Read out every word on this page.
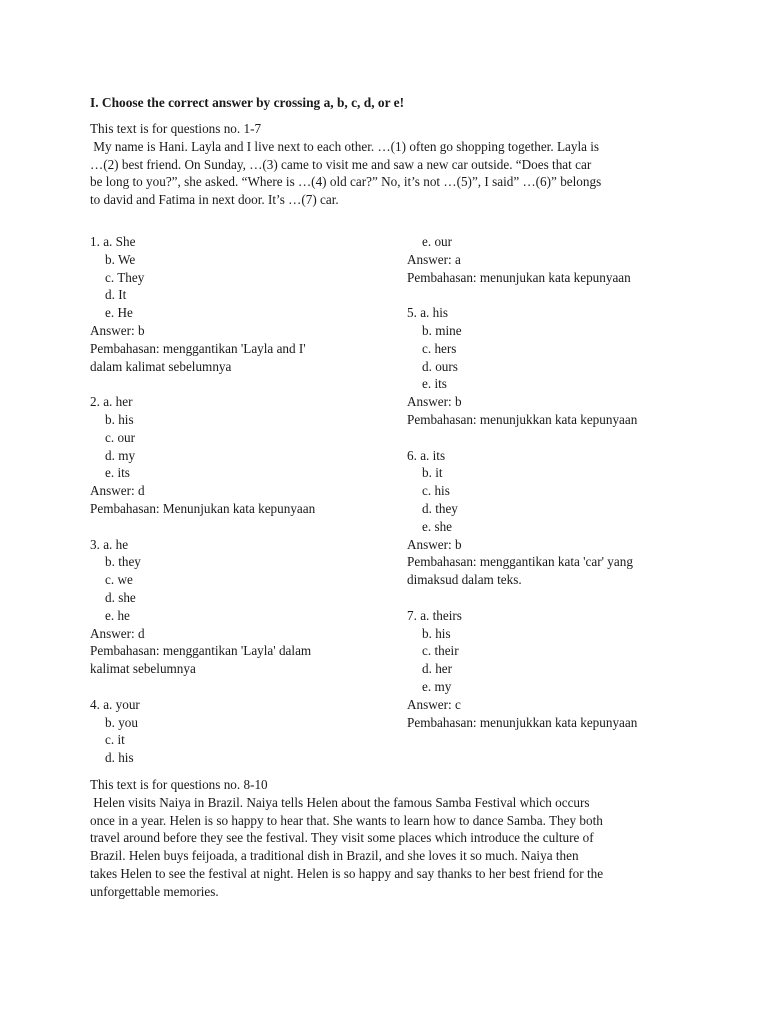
I. Choose the correct answer by crossing a, b, c, d, or e!

This text is for questions no. 1-7

My name is Hani. Layla and I live next to each other. …(1) often go shopping together. Layla is

…(2) best friend. On Sunday, …(3) came to visit me and saw a new car outside. “Does that car

be long to you?”, she asked. “Where is …(4) old car?” No, it’s not …(5)”, I said” …(6)” belongs

to david and Fatima in next door. It’s …(7) car.

1. a. She
b. We
c. They
d. It
e. He
Answer: b
Pembahasan: menggantikan 'Layla and I'
dalam kalimat sebelumnya
2. a. her
b. his
c. our
d. my
e. its
Answer: d
Pembahasan: Menunjukan kata kepunyaan
3. a. he
b. they
c. we
d. she
e. he
Answer: d
Pembahasan: menggantikan 'Layla' dalam
kalimat sebelumnya
4. a. your
b. you
c. it
d. his
e. our
Answer: a
Pembahasan: menunjukan kata kepunyaan
5. a. his
b. mine
c. hers
d. ours
e. its
Answer: b
Pembahasan: menunjukkan kata kepunyaan
6. a. its
b. it
c. his
d. they
e. she
Answer: b
Pembahasan: menggantikan kata 'car' yang
dimaksud dalam teks.
7. a. theirs
b. his
c. their
d. her
e. my
Answer: c
Pembahasan: menunjukkan kata kepunyaan

This text is for questions no. 8-10

Helen visits Naiya in Brazil. Naiya tells Helen about the famous Samba Festival which occurs

once in a year. Helen is so happy to hear that. She wants to learn how to dance Samba. They both

travel around before they see the festival. They visit some places which introduce the culture of

Brazil. Helen buys feijoada, a traditional dish in Brazil, and she loves it so much. Naiya then

takes Helen to see the festival at night. Helen is so happy and say thanks to her best friend for the

unforgettable memories.
